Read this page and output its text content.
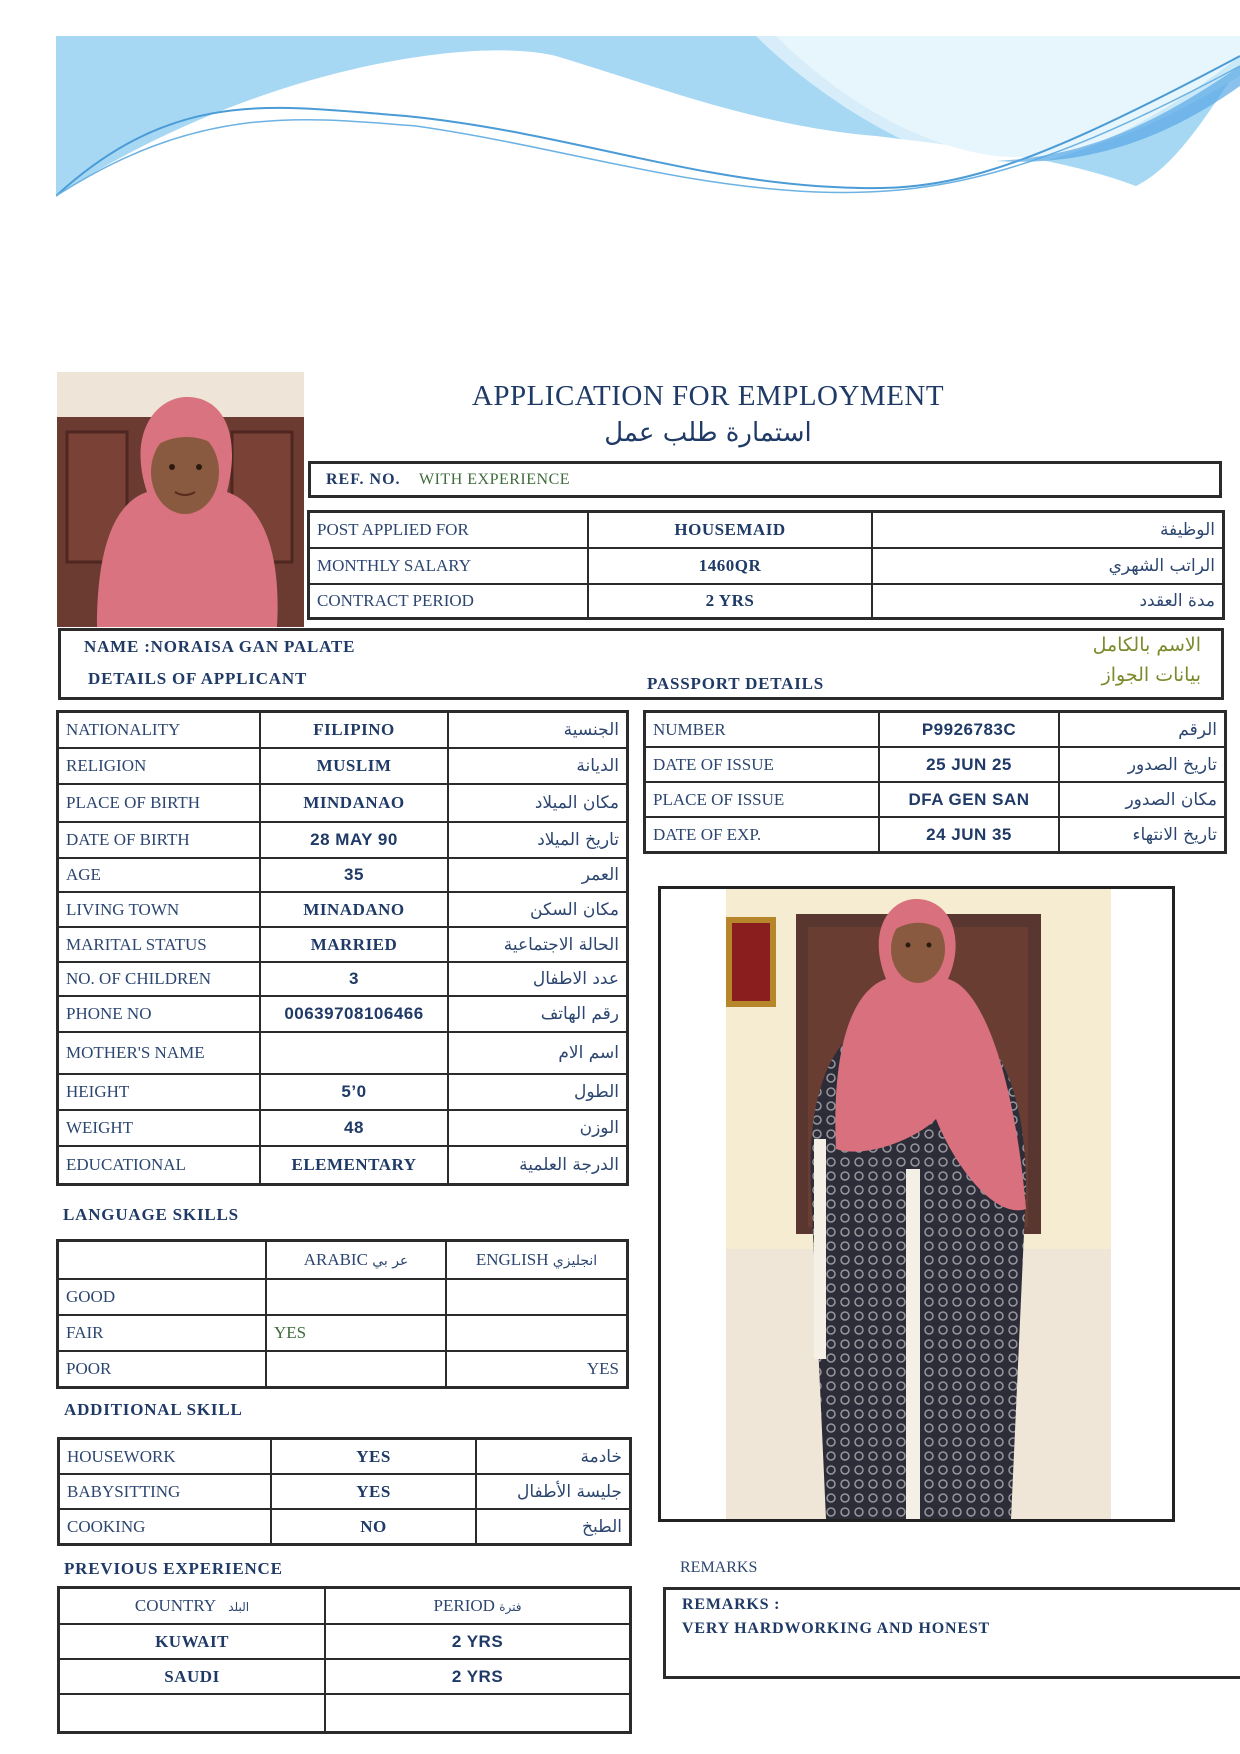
APPLICATION FOR EMPLOYMENT
استمارة طلب عمل
REF. NO. WITH EXPERIENCE
POST APPLIED FOR	HOUSEMAID	الوظيفة
MONTHLY SALARY	1460QR	الراتب الشهري
CONTRACT PERIOD	2 YRS	مدة العقدد
NAME :NORAISA GAN PALATE
DETAILS OF APPLICANT	PASSPORT DETAILS
الاسم بالكامل
بيانات الجواز
NATIONALITY	FILIPINO	الجنسية
RELIGION	MUSLIM	الديانة
PLACE OF BIRTH	MINDANAO	مكان الميلاد
DATE OF BIRTH	28 MAY 90	تاريخ الميلاد
AGE	35	العمر
LIVING TOWN	MINADANO	مكان السكن
MARITAL STATUS	MARRIED	الحالة الاجتماعية
NO. OF CHILDREN	3	عدد الاطفال
PHONE NO	00639708106466	رقم الهاتف
MOTHER'S NAME		اسم الام
HEIGHT	5’0	الطول
WEIGHT	48	الوزن
EDUCATIONAL	ELEMENTARY	الدرجة العلمية
NUMBER	P9926783C	الرقم
DATE OF ISSUE	25 JUN 25	تاريخ الصدور
PLACE OF ISSUE	DFA GEN SAN	مكان الصدور
DATE OF EXP.	24 JUN 35	تاريخ الانتهاء
LANGUAGE SKILLS
	ARABIC عر بي	ENGLISH انجليزي
GOOD		
FAIR	YES	
POOR		YES
ADDITIONAL SKILL
HOUSEWORK	YES	خادمة
BABYSITTING	YES	جليسة الأطفال
COOKING	NO	الطبخ
PREVIOUS EXPERIENCE
COUNTRY البلد	PERIOD فترة
KUWAIT	2 YRS
SAUDI	2 YRS

REMARKS
REMARKS :
VERY HARDWORKING AND HONEST
